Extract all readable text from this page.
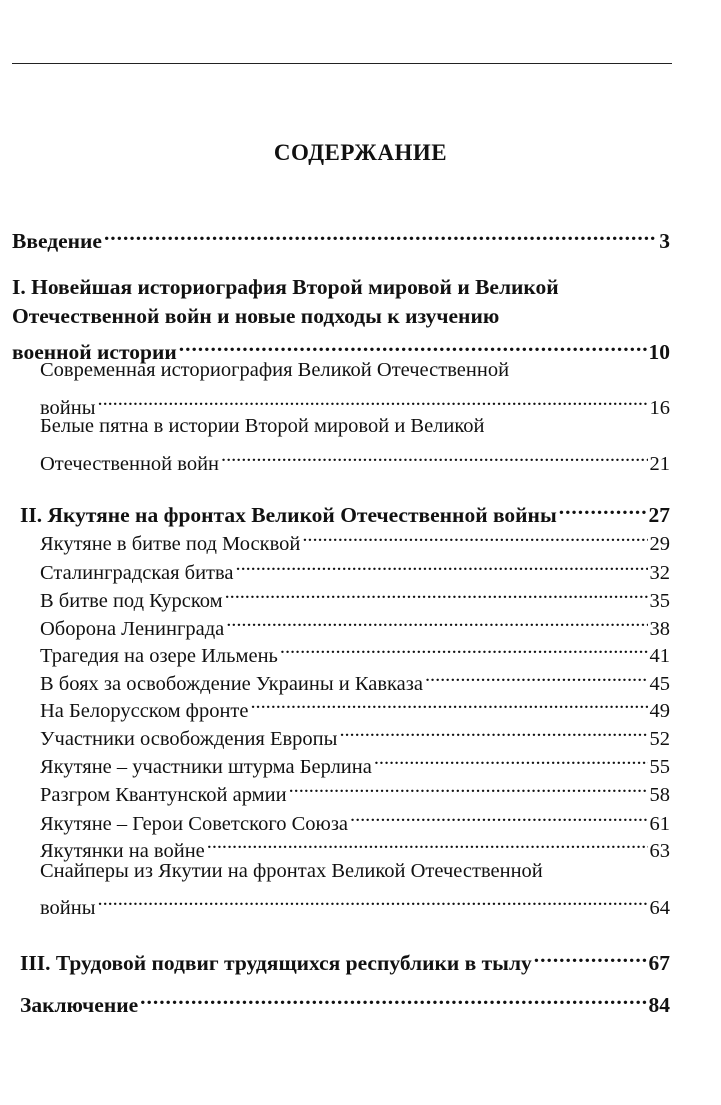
СОДЕРЖАНИЕ
Введение . . .	3
I. Новейшая историография Второй мировой и Великой
Отечественной войн и новые подходы к изучению
военной истории . . .	10
Современная историография Великой Отечественной
войны . . .	16
Белые пятна в истории Второй мировой и Великой
Отечественной войн . . .	21
II. Якутяне на фронтах Великой Отечественной войны . . .	27
Якутяне в битве под Москвой . . .	29
Сталинградская битва . . .	32
В битве под Курском . . .	35
Оборона Ленинграда . . .	38
Трагедия на озере Ильмень . . .	41
В боях за освобождение Украины и Кавказа . . .	45
На Белорусском фронте . . .	49
Участники освобождения Европы . . .	52
Якутяне – участники штурма Берлина . . .	55
Разгром Квантунской армии . . .	58
Якутяне – Герои Советского Союза . . .	61
Якутянки на войне . . .	63
Снайперы из Якутии на фронтах Великой Отечественной
войны . . .	64
III. Трудовой подвиг трудящихся республики в тылу . . .	67
Заключение . . .	84
